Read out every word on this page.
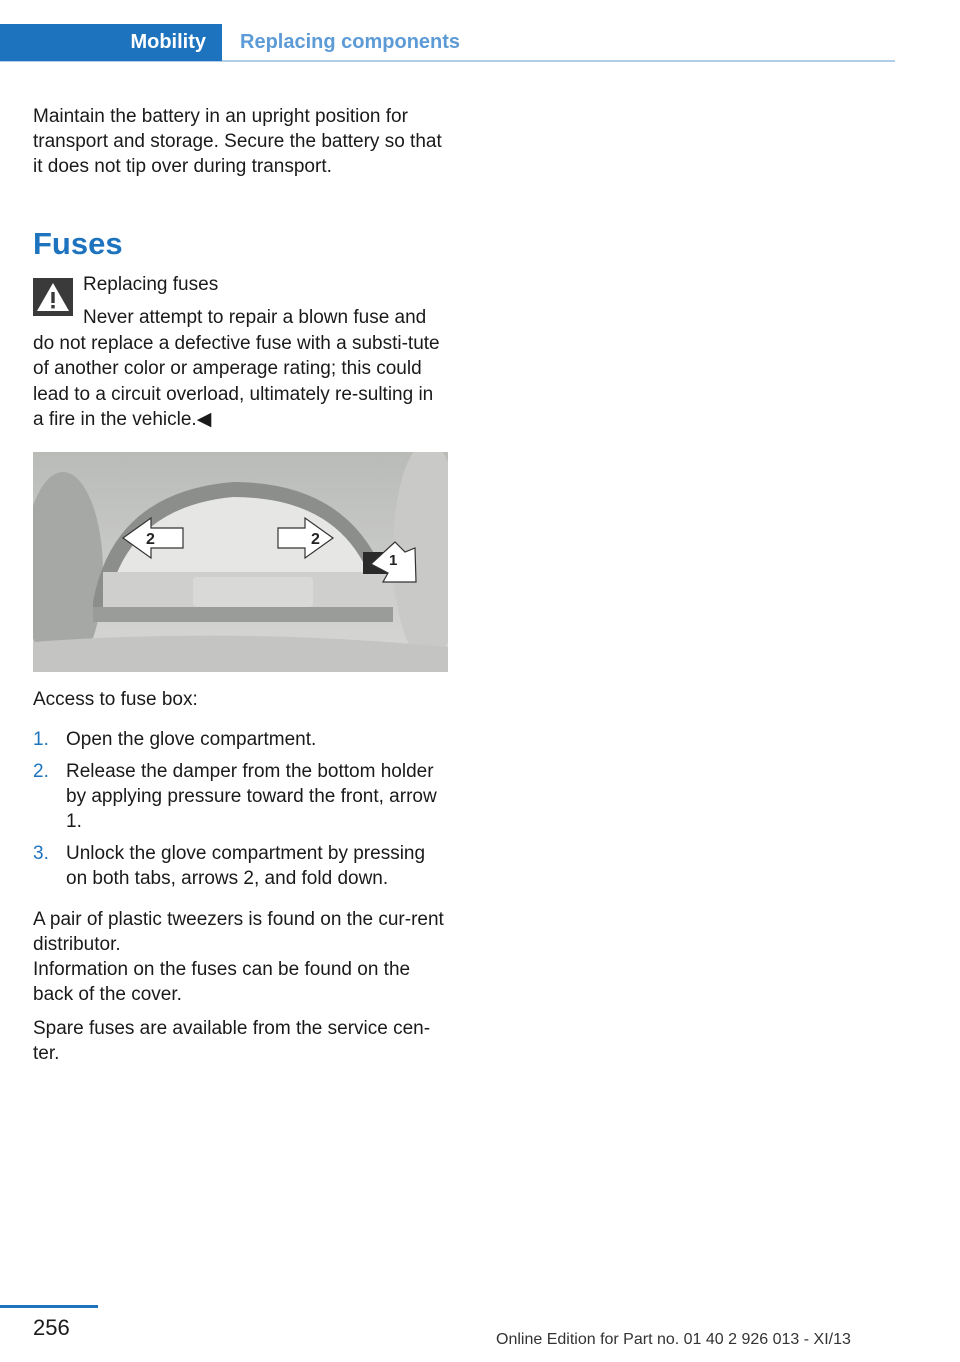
Mobility	Replacing components

Maintain the battery in an upright position for transport and storage. Secure the battery so that it does not tip over during transport.

Fuses
Replacing fuses
Never attempt to repair a blown fuse and do not replace a defective fuse with a substi‐tute of another color or amperage rating; this could lead to a circuit overload, ultimately re‐sulting in a fire in the vehicle.◀
2	2
1

Access to fuse box:

1. Open the glove compartment.
2. Release the damper from the bottom holder by applying pressure toward the front, arrow 1.
3. Unlock the glove compartment by pressing on both tabs, arrows 2, and fold down.

A pair of plastic tweezers is found on the cur‐rent distributor.

Information on the fuses can be found on the back of the cover.

Spare fuses are available from the service cen‐ter.

256	Online Edition for Part no. 01 40 2 926 013 - XI/13
